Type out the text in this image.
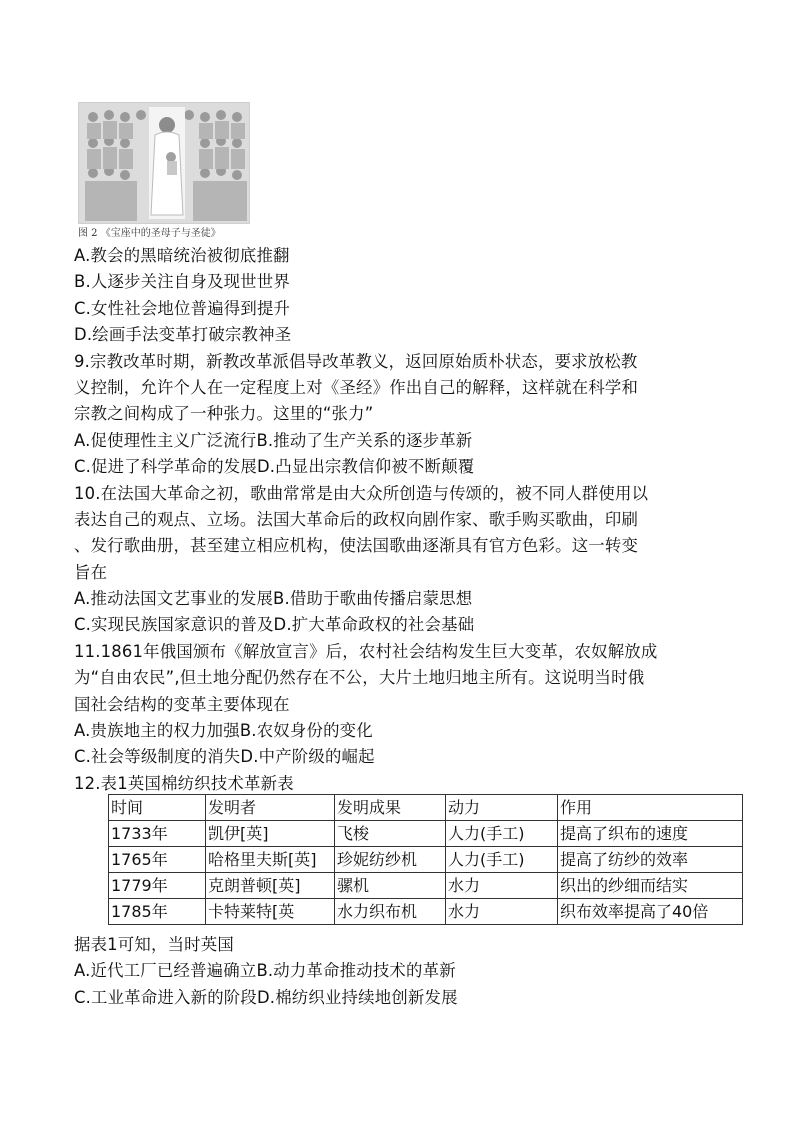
图 2 《宝座中的圣母子与圣徒》
A.教会的黑暗统治被彻底推翻
B.人逐步关注自身及现世世界
C.女性社会地位普遍得到提升
D.绘画手法变革打破宗教神圣
9.宗教改革时期，新教改革派倡导改革教义，返回原始质朴状态，要求放松教
义控制，允许个人在一定程度上对《圣经》作出自己的解释，这样就在科学和
宗教之间构成了一种张力。这里的“张力”
A.促使理性主义广泛流行B.推动了生产关系的逐步革新
C.促进了科学革命的发展D.凸显出宗教信仰被不断颠覆
10.在法国大革命之初，歌曲常常是由大众所创造与传颂的，被不同人群使用以
表达自己的观点、立场。法国大革命后的政权向剧作家、歌手购买歌曲，印刷
、发行歌曲册，甚至建立相应机构，使法国歌曲逐渐具有官方色彩。这一转变
旨在
A.推动法国文艺事业的发展B.借助于歌曲传播启蒙思想
C.实现民族国家意识的普及D.扩大革命政权的社会基础
11.1861年俄国颁布《解放宣言》后，农村社会结构发生巨大变革，农奴解放成
为“自由农民”,但土地分配仍然存在不公，大片土地归地主所有。这说明当时俄
国社会结构的变革主要体现在
A.贵族地主的权力加强B.农奴身份的变化
C.社会等级制度的消失D.中产阶级的崛起
12.表1英国棉纺织技术革新表
时间	发明者	发明成果	动力	作用
1733年	凯伊[英]	飞梭	人力(手工)	提高了织布的速度
1765年	哈格里夫斯[英]	珍妮纺纱机	人力(手工)	提高了纺纱的效率
1779年	克朗普顿[英]	骡机	水力	织出的纱细而结实
1785年	卡特莱特[英	水力织布机	水力	织布效率提高了40倍
据表1可知，当时英国
A.近代工厂已经普遍确立B.动力革命推动技术的革新
C.工业革命进入新的阶段D.棉纺织业持续地创新发展
